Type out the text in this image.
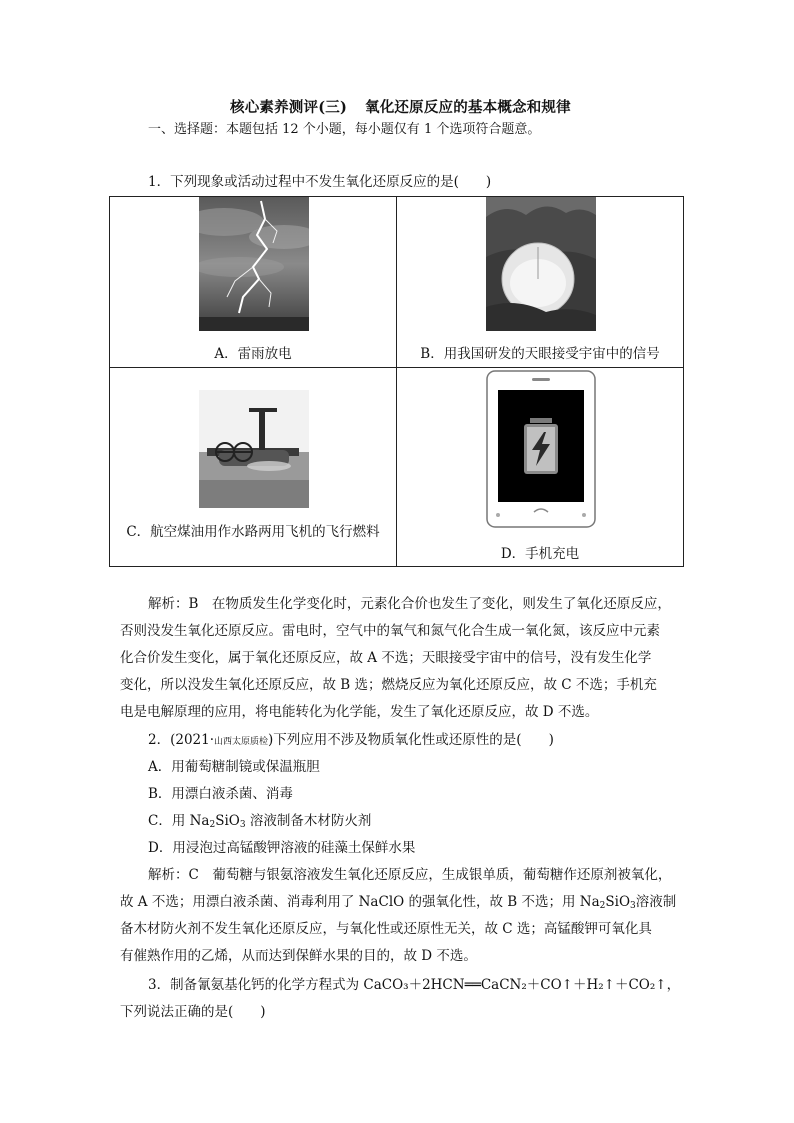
核心素养测评(三) 氧化还原反应的基本概念和规律
一、选择题：本题包括 12 个小题，每小题仅有 1 个选项符合题意。
1．下列现象或活动过程中不发生氧化还原反应的是(　　)
A．雷雨放电	B．用我国研发的天眼接受宇宙中的信号

C．航空煤油用作水路两用飞机的飞行燃料	D．手机充电
解析：B　在物质发生化学变化时，元素化合价也发生了变化，则发生了氧化还原反应，
否则没发生氧化还原反应。雷电时，空气中的氧气和氮气化合生成一氧化氮，该反应中元素
化合价发生变化，属于氧化还原反应，故 A 不选；天眼接受宇宙中的信号，没有发生化学
变化，所以没发生氧化还原反应，故 B 选；燃烧反应为氧化还原反应，故 C 不选；手机充
电是电解原理的应用，将电能转化为化学能，发生了氧化还原反应，故 D 不选。
2．(2021·山西太原质检)下列应用不涉及物质氧化性或还原性的是(　　)
A．用葡萄糖制镜或保温瓶胆
B．用漂白液杀菌、消毒
C．用 $Na_2SiO_3$ 溶液制备木材防火剂
D．用浸泡过高锰酸钾溶液的硅藻土保鲜水果
解析：C　葡萄糖与银氨溶液发生氧化还原反应，生成银单质，葡萄糖作还原剂被氧化，
故 A 不选；用漂白液杀菌、消毒利用了 NaClO 的强氧化性，故 B 不选；用 $Na_2SiO_3$溶液制
备木材防火剂不发生氧化还原反应，与氧化性或还原性无关，故 C 选；高锰酸钾可氧化具
有催熟作用的乙烯，从而达到保鲜水果的目的，故 D 不选。
3．制备氰氨基化钙的化学方程式为 CaCO₃＋2HCN══CaCN₂＋CO↑＋H₂↑＋CO₂↑，
下列说法正确的是(　　)
